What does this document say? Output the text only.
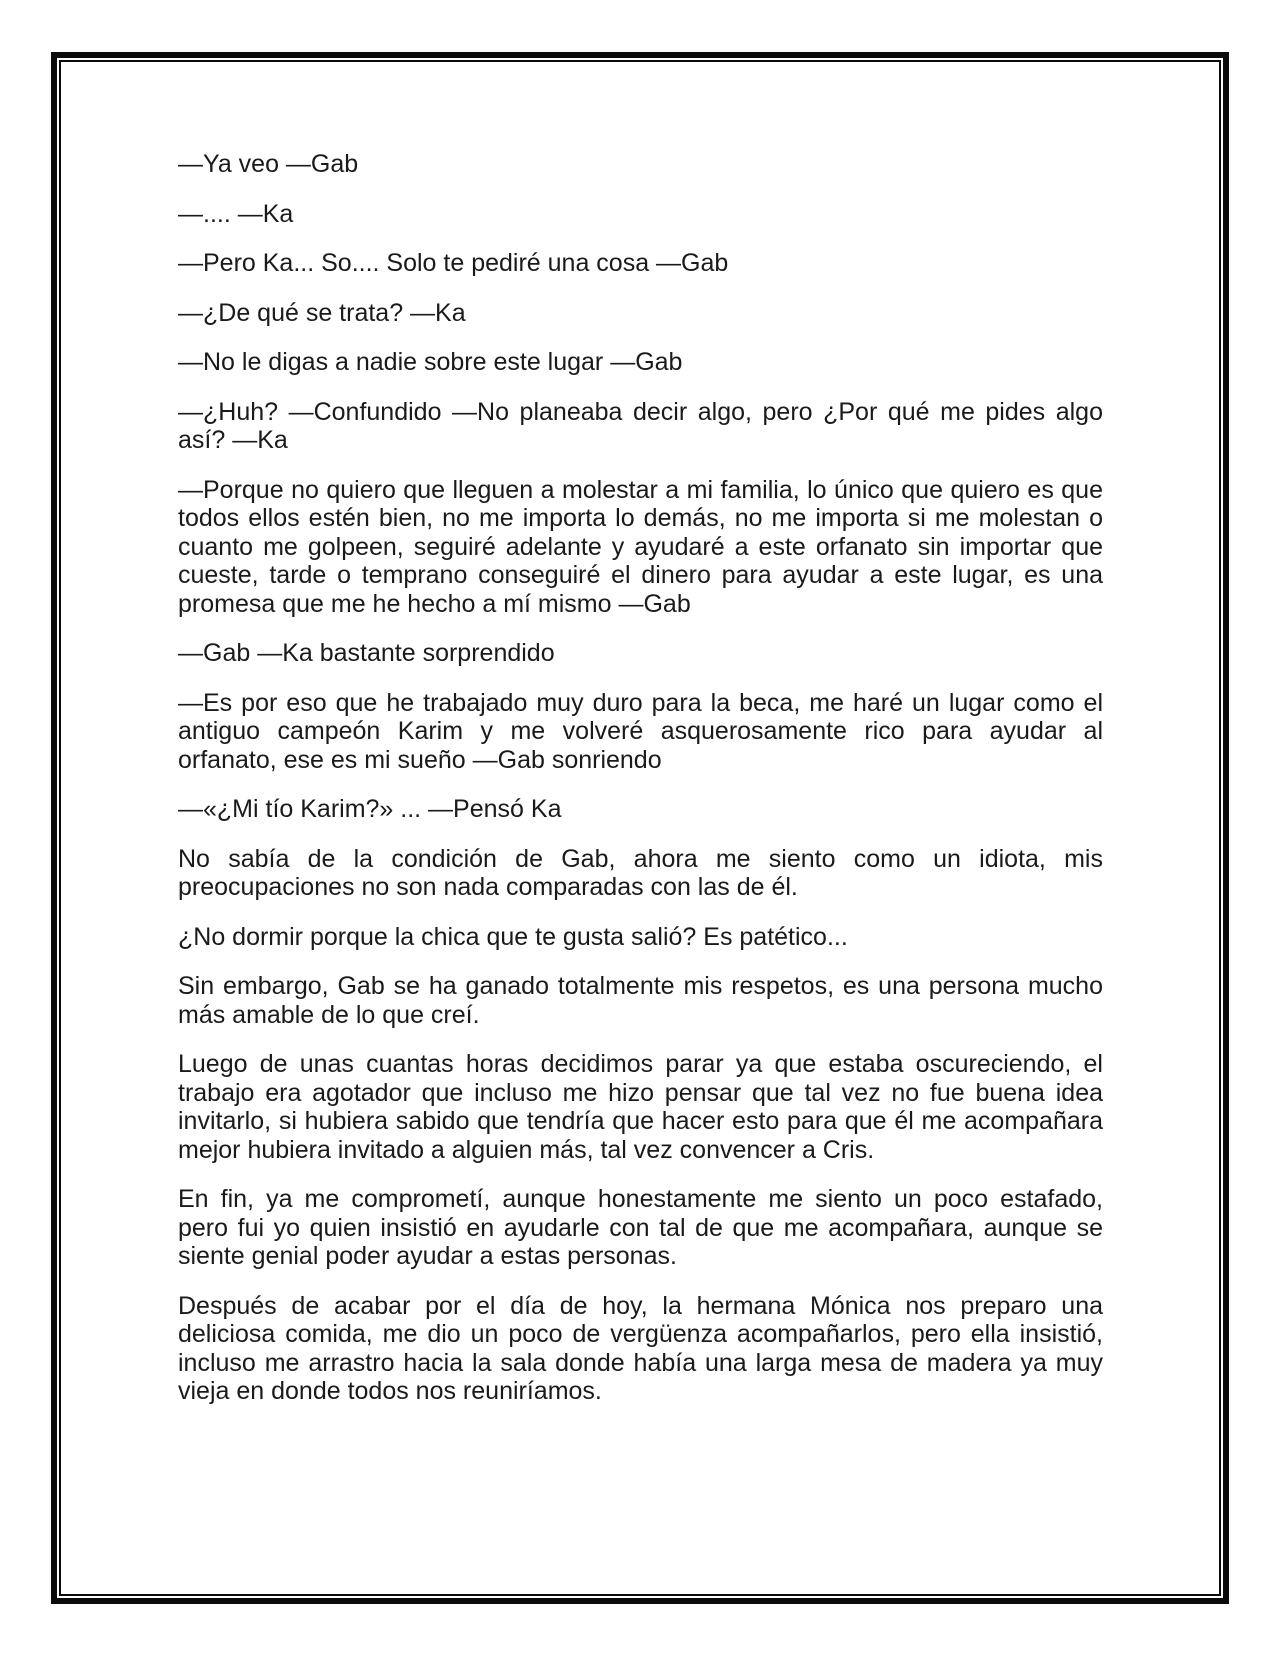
—Ya veo —Gab

—.... —Ka

—Pero Ka... So.... Solo te pediré una cosa —Gab

—¿De qué se trata? —Ka

—No le digas a nadie sobre este lugar —Gab

—¿Huh? —Confundido —No planeaba decir algo, pero ¿Por qué me pides algo así? —Ka

—Porque no quiero que lleguen a molestar a mi familia, lo único que quiero es que todos ellos estén bien, no me importa lo demás, no me importa si me molestan o cuanto me golpeen, seguiré adelante y ayudaré a este orfanato sin importar que cueste, tarde o temprano conseguiré el dinero para ayudar a este lugar, es una promesa que me he hecho a mí mismo —Gab

—Gab —Ka bastante sorprendido

—Es por eso que he trabajado muy duro para la beca, me haré un lugar como el antiguo campeón Karim y me volveré asquerosamente rico para ayudar al orfanato, ese es mi sueño —Gab sonriendo

—«¿Mi tío Karim?» ... —Pensó Ka

No sabía de la condición de Gab, ahora me siento como un idiota, mis preocupaciones no son nada comparadas con las de él.

¿No dormir porque la chica que te gusta salió? Es patético...

Sin embargo, Gab se ha ganado totalmente mis respetos, es una persona mucho más amable de lo que creí.

Luego de unas cuantas horas decidimos parar ya que estaba oscureciendo, el trabajo era agotador que incluso me hizo pensar que tal vez no fue buena idea invitarlo, si hubiera sabido que tendría que hacer esto para que él me acompañara mejor hubiera invitado a alguien más, tal vez convencer a Cris.

En fin, ya me comprometí, aunque honestamente me siento un poco estafado, pero fui yo quien insistió en ayudarle con tal de que me acompañara, aunque se siente genial poder ayudar a estas personas.

Después de acabar por el día de hoy, la hermana Mónica nos preparo una deliciosa comida, me dio un poco de vergüenza acompañarlos, pero ella insistió, incluso me arrastro hacia la sala donde había una larga mesa de madera ya muy vieja en donde todos nos reuniríamos.
